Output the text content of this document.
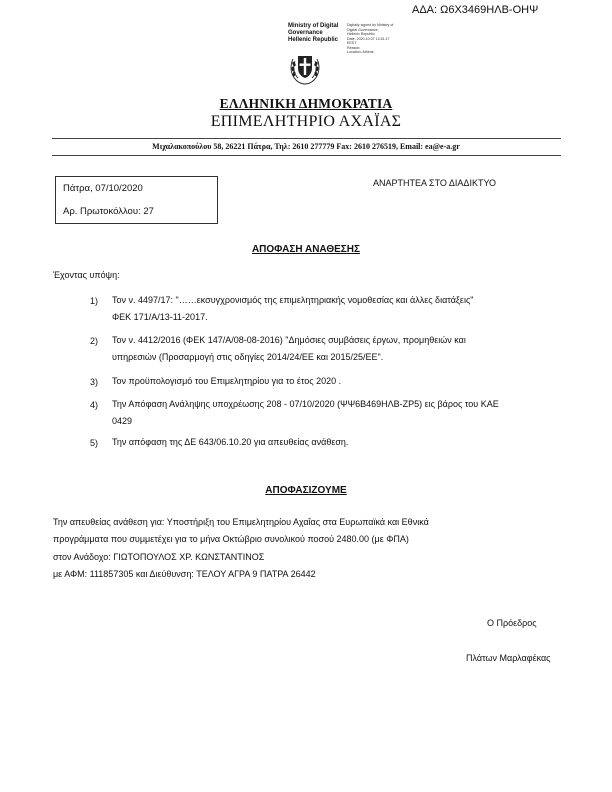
ΑΔΑ: Ω6Χ3469ΗΛΒ-ΟΗΨ
Ministry of Digital
Governance
Hellenic Republic
Digitally signed by Ministry of
Digital Governance,
Hellenic Republic
Date: 2020.10.07 14:51:17
EEST
Reason:
Location: Athens
ΕΛΛΗΝΙΚΗ ΔΗΜΟΚΡΑΤΙΑ
ΕΠΙΜΕΛΗΤΗΡΙΟ ΑΧΑΪΑΣ
Μιχαλακοπούλου 58, 26221 Πάτρα, Τηλ: 2610 277779 Fax: 2610 276519, Email: ea@e-a.gr
Πάτρα, 07/10/2020
Αρ. Πρωτοκόλλου: 27
ΑΝΑΡΤΗΤΕΑ ΣΤΟ ΔΙΑΔΙΚΤΥΟ
ΑΠΟΦΑΣΗ ΑΝΑΘΕΣΗΣ
Έχοντας υπόψη:
1) Τον ν. 4497/17: "……εκσυγχρονισμός της επιμελητηριακής νομοθεσίας και άλλες διατάξεις"
ΦΕΚ 171/Α/13-11-2017.
2) Τον ν. 4412/2016 (ΦΕΚ 147/Α/08-08-2016) "Δημόσιες συμβάσεις έργων, προμηθειών και
υπηρεσιών (Προσαρμογή στις οδηγίες 2014/24/ΕΕ και 2015/25/ΕΕ".
3) Τον προϋπολογισμό του Επιμελητηρίου για το έτος 2020 .
4) Την Απόφαση Ανάληψης υποχρέωσης 208 - 07/10/2020 (ΨΨ6Β469ΗΛΒ-ΖΡ5) εις βάρος του ΚΑΕ
0429
5) Την απόφαση της ΔΕ 643/06.10.20 για απευθείας ανάθεση.
ΑΠΟΦΑΣΙΖΟΥΜΕ
Την απευθείας ανάθεση για: Υποστήριξη του Επιμελητηρίου Αχαΐας στα Ευρωπαϊκά και Εθνικά
προγράμματα που συμμετέχει για το μήνα Οκτώβριο συνολικού ποσού 2480.00 (με ΦΠΑ)
στον Ανάδοχο: ΓΙΩΤΟΠΟΥΛΟΣ ΧΡ. ΚΩΝΣΤΑΝΤΙΝΟΣ
με ΑΦΜ: 111857305 και Διεύθυνση: ΤΕΛΟΥ ΑΓΡΑ 9 ΠΑΤΡΑ 26442
Ο Πρόεδρος
Πλάτων Μαρλαφέκας
